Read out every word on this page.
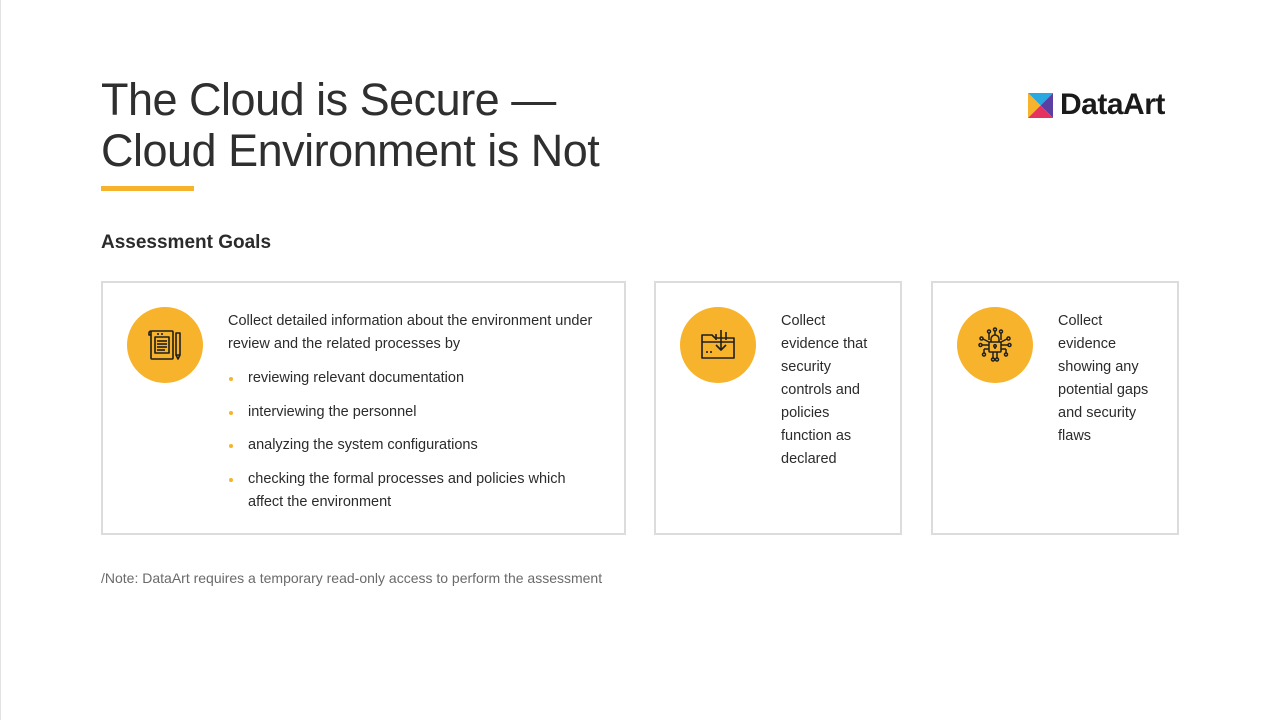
The Cloud is Secure —
Cloud Environment is Not
DataArt
Assessment Goals
Collect detailed information about the environment under review and the related processes by
reviewing relevant documentation
interviewing the personnel
analyzing the system configurations
checking the formal processes and policies which affect the environment
Collect evidence that security controls and policies function as declared
Collect evidence showing any potential gaps and security flaws
/Note: DataArt requires a temporary read-only access to perform the assessment
